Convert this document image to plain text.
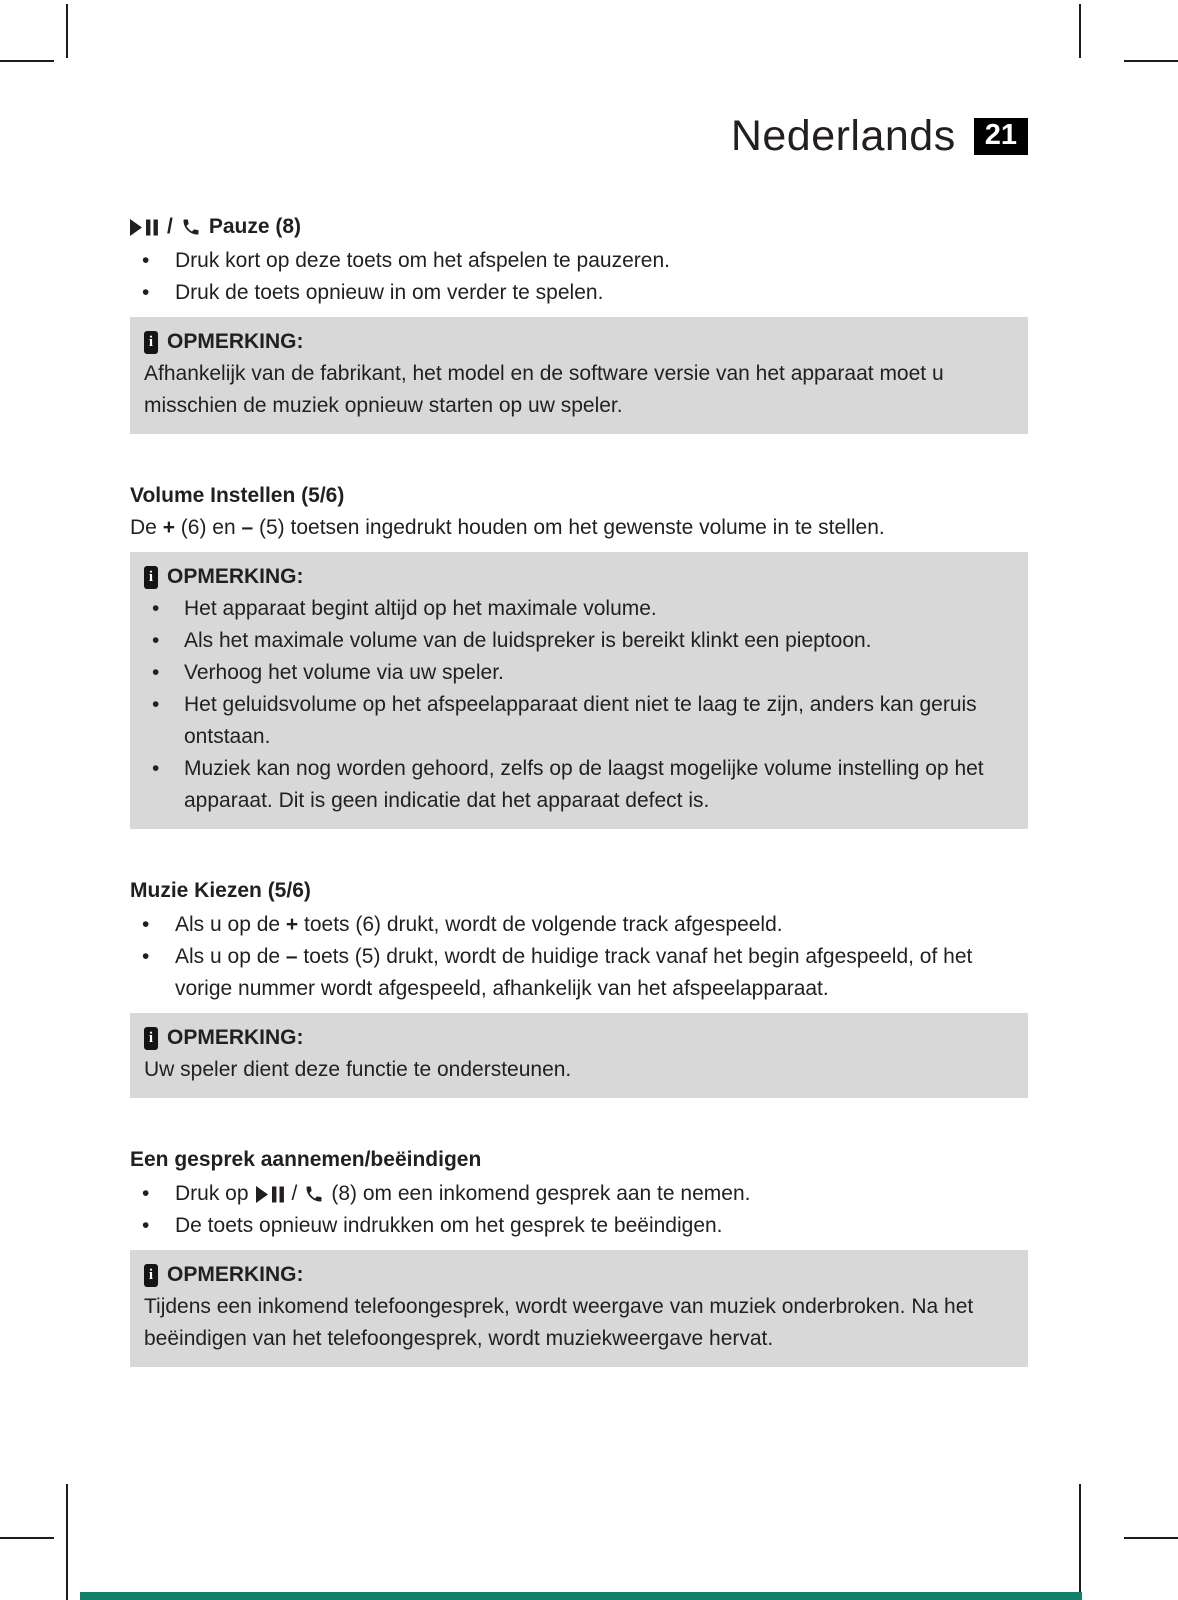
Nederlands	21
/ Pauze (8)
• Druk kort op deze toets om het afspelen te pauzeren.
• Druk de toets opnieuw in om verder te spelen.
i OPMERKING:

Afhankelijk van de fabrikant, het model en de software versie van het apparaat moet u misschien de muziek opnieuw starten op uw speler.

Volume Instellen (5/6)

De + (6) en – (5) toetsen ingedrukt houden om het gewenste volume in te stellen.

i OPMERKING:
• Het apparaat begint altijd op het maximale volume.
• Als het maximale volume van de luidspreker is bereikt klinkt een pieptoon.
• Verhoog het volume via uw speler.
• Het geluidsvolume op het afspeelapparaat dient niet te laag te zijn, anders kan geruis ontstaan.
• Muziek kan nog worden gehoord, zelfs op de laagst mogelijke volume instelling op het apparaat. Dit is geen indicatie dat het apparaat defect is.
Muzie Kiezen (5/6)
• Als u op de + toets (6) drukt, wordt de volgende track afgespeeld.
• Als u op de – toets (5) drukt, wordt de huidige track vanaf het begin afgespeeld, of het vorige nummer wordt afgespeeld, afhankelijk van het afspeelapparaat.
i OPMERKING:

Uw speler dient deze functie te ondersteunen.

Een gesprek aannemen/beëindigen
• Druk op / (8) om een inkomend gesprek aan te nemen.
• De toets opnieuw indrukken om het gesprek te beëindigen.
i OPMERKING:

Tijdens een inkomend telefoongesprek, wordt weergave van muziek onderbroken. Na het beëindigen van het telefoongesprek, wordt muziekweergave hervat.
